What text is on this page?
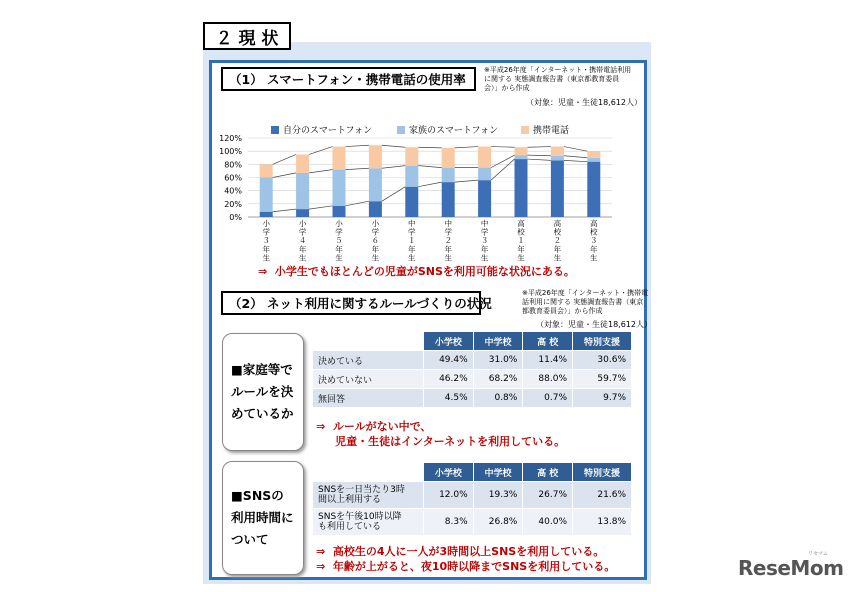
２ 現 状
（1） スマートフォン・携帯電話の使用率
※平成26年度「インターネット・携帯電話利用
に関する 実態調査報告書（東京都教育委員
会）」から作成
（対象：児童・生徒18,612人）
自分のスマートフォン	家族のスマートフォン	携帯電話
0%
20%
40%
60%
80%
100%
120%
小
学
３
年
生
小
学
４
年
生
小
学
５
年
生
小
学
６
年
生
中
学
１
年
生
中
学
２
年
生
中
学
３
年
生
高
校
１
年
生
高
校
２
年
生
高
校
３
年
生
⇒  小学生でもほとんどの児童がSNSを利用可能な状況にある。
（2） ネット利用に関するルールづくりの状況
※平成26年度「インターネット・携帯電
話利用に関する 実態調査報告書（東京
都教育委員会）」から作成
（対象：児童・生徒18,612人）
■家庭等で
ルールを決
めているか
	小学校	中学校	高 校	特別支援
決めている	49.4%	31.0%	11.4%	30.6%
決めていない	46.2%	68.2%	88.0%	59.7%
無回答	4.5%	0.8%	0.7%	9.7%
⇒  ルールがない中で、
児童・生徒はインターネットを利用している。
■SNSの
利用時間に
ついて
	小学校	中学校	高 校	特別支援
SNSを一日当たり3時
間以上利用する	12.0%	19.3%	26.7%	21.6%
SNSを午後10時以降
も利用している	8.3%	26.8%	40.0%	13.8%
⇒  高校生の4人に一人が3時間以上SNSを利用している。
⇒  年齢が上がると、夜10時以降までSNSを利用している。	ReseMom
リセマム
